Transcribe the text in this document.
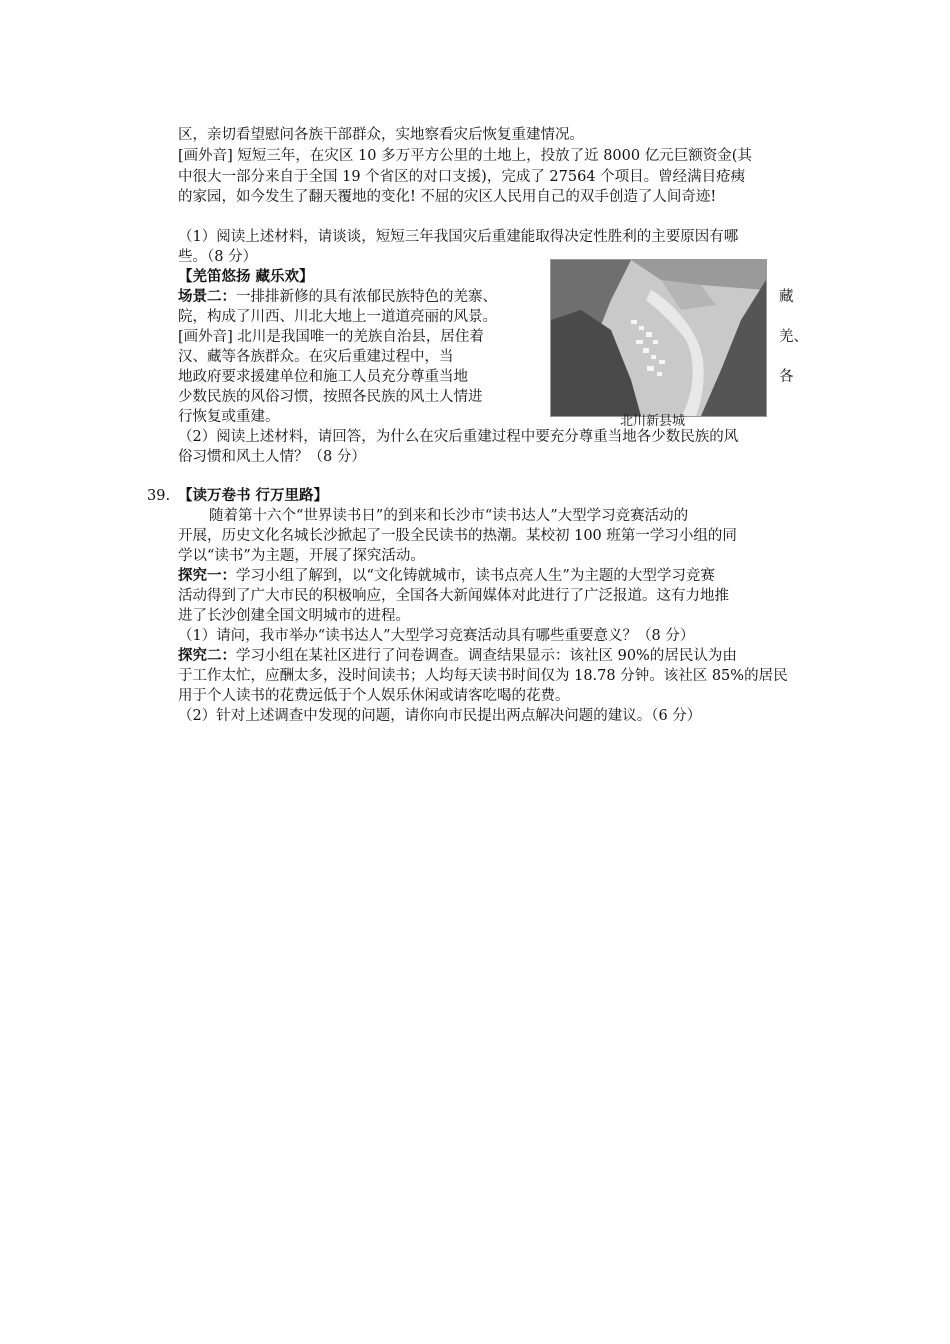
区，亲切看望慰问各族干部群众，实地察看灾后恢复重建情况。
[画外音] 短短三年，在灾区 10 多万平方公里的土地上，投放了近 8000 亿元巨额资金(其
中很大一部分来自于全国 19 个省区的对口支援)，完成了 27564 个项目。曾经满目疮痍
的家园，如今发生了翻天覆地的变化! 不屈的灾区人民用自己的双手创造了人间奇迹!
（1）阅读上述材料，请谈谈，短短三年我国灾后重建能取得决定性胜利的主要原因有哪
些。（8 分）
【羌笛悠扬 藏乐欢】
场景二：一排排新修的具有浓郁民族特色的羌寨、	藏
院，构成了川西、川北大地上一道道亮丽的风景。
[画外音] 北川是我国唯一的羌族自治县，居住着	羌、
汉、藏等各族群众。在灾后重建过程中，当
地政府要求援建单位和施工人员充分尊重当地	各
少数民族的风俗习惯，按照各民族的风土人情进
行恢复或重建。	北川新县城
（2）阅读上述材料，请回答，为什么在灾后重建过程中要充分尊重当地各少数民族的风
俗习惯和风土人情？（8 分）
39. 【读万卷书 行万里路】
随着第十六个“世界读书日”的到来和长沙市“读书达人”大型学习竞赛活动的
开展，历史文化名城长沙掀起了一股全民读书的热潮。某校初 100 班第一学习小组的同
学以“读书”为主题，开展了探究活动。
探究一：学习小组了解到，以“文化铸就城市，读书点亮人生”为主题的大型学习竞赛
活动得到了广大市民的积极响应，全国各大新闻媒体对此进行了广泛报道。这有力地推
进了长沙创建全国文明城市的进程。
（1）请问，我市举办“读书达人”大型学习竞赛活动具有哪些重要意义？（8 分）
探究二：学习小组在某社区进行了问卷调查。调查结果显示：该社区 90%的居民认为由
于工作太忙，应酬太多，没时间读书；人均每天读书时间仅为 18.78 分钟。该社区 85%的居民
用于个人读书的花费远低于个人娱乐休闲或请客吃喝的花费。
（2）针对上述调查中发现的问题，请你向市民提出两点解决问题的建议。（6 分）
